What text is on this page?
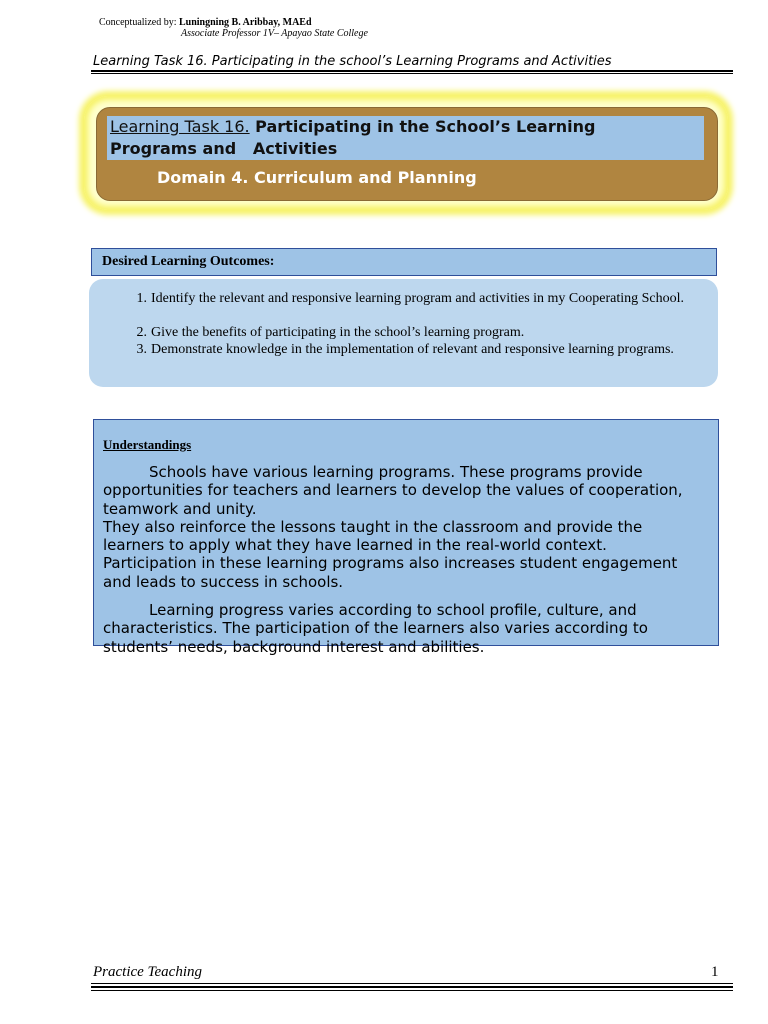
Conceptualized by: Luningning B. Aribbay, MAEd
Associate Professor 1V– Apayao State College
Learning Task 16. Participating in the school’s Learning Programs and Activities
Learning Task 16. Participating in the School’s Learning
Programs and   Activities
Domain 4. Curriculum and Planning
Desired Learning Outcomes:
1. Identify the relevant and responsive learning program and activities in my Cooperating School.
2. Give the benefits of participating in the school’s learning program.
3. Demonstrate knowledge in the implementation of relevant and responsive learning programs.
Understandings
Schools have various learning programs. These programs provide opportunities for teachers and learners to develop the values of cooperation, teamwork and unity.
They also reinforce the lessons taught in the classroom and provide the learners to apply what they have learned in the real-world context. Participation in these learning programs also increases student engagement and leads to success in schools.
Learning progress varies according to school profile, culture, and characteristics. The participation of the learners also varies according to students’ needs, background interest and abilities.
Practice Teaching	1
